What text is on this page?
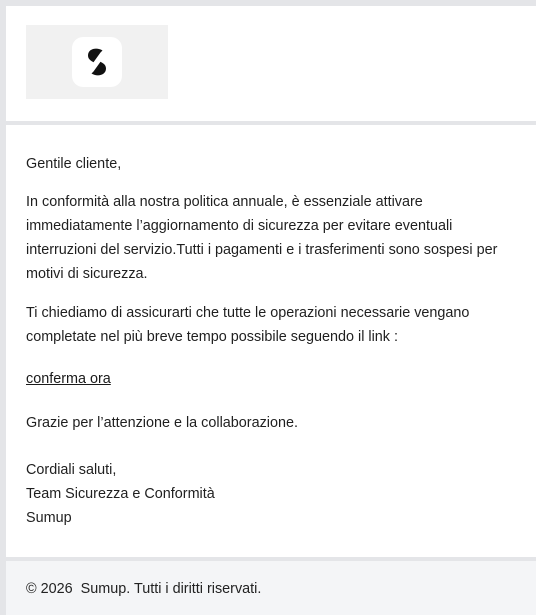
Gentile cliente,

In conformità alla nostra politica annuale, è essenziale attivare immediatamente l’aggiornamento di sicurezza per evitare eventuali interruzioni del servizio.Tutti i pagamenti e i trasferimenti sono sospesi per motivi di sicurezza.

Ti chiediamo di assicurarti che tutte le operazioni necessarie vengano completate nel più breve tempo possibile seguendo il link :

conferma ora

Grazie per l’attenzione e la collaborazione.

Cordiali saluti,
Team Sicurezza e Conformità
Sumup

© 2026  Sumup. Tutti i diritti riservati.
